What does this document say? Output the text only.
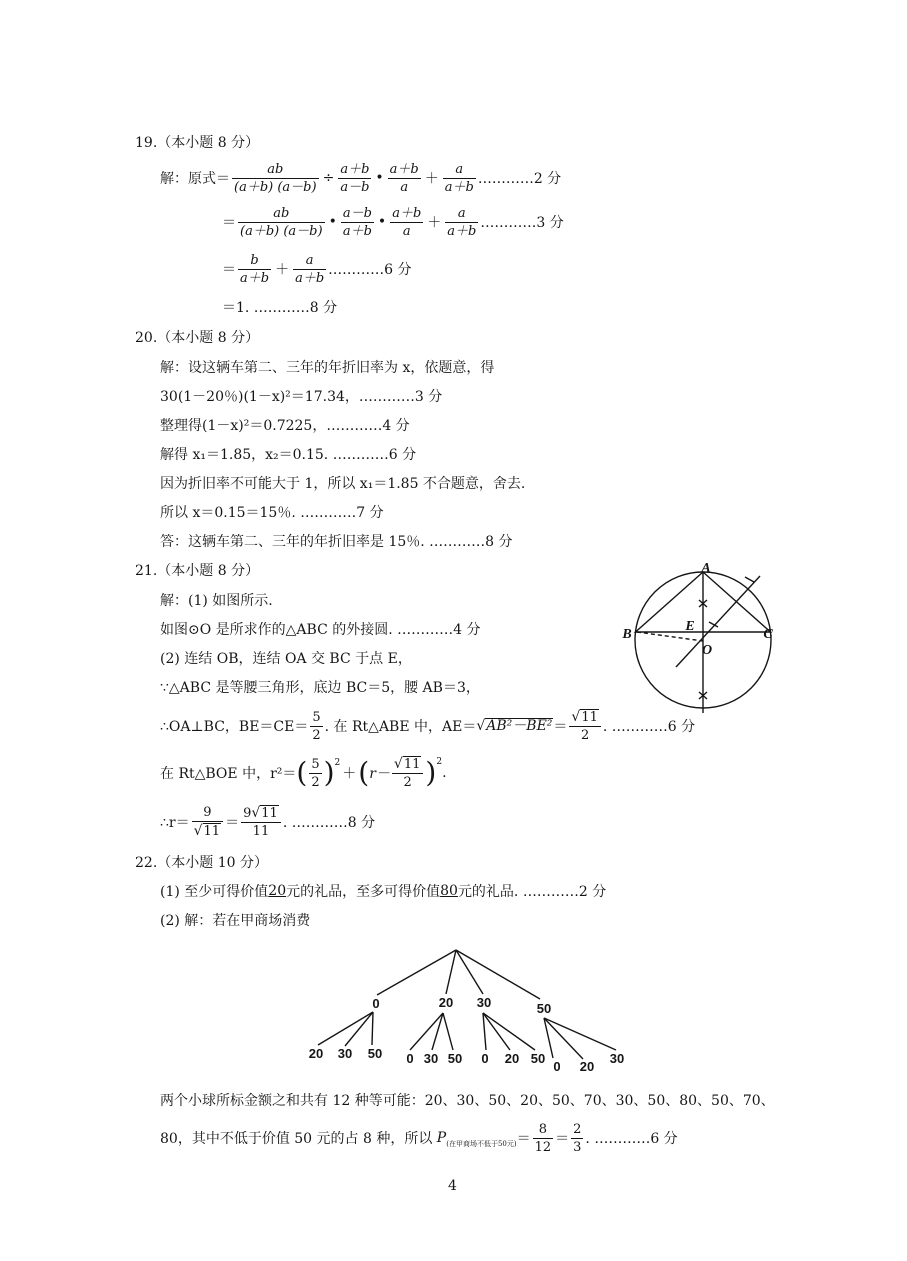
19.（本小题 8 分）
解：原式＝ $\frac{ab}{(a+b) (a-b)} \div \frac{a+b}{a-b}$ • $\frac{a+b}{a} + \frac{a}{a+b}$ …………2 分
＝ $\frac{ab}{(a+b) (a-b)}$ • $\frac{a-b}{a+b}$ • $\frac{a+b}{a} + \frac{a}{a+b}$ …………3 分
＝ $\frac{b}{a+b} + \frac{a}{a+b}$ …………6 分
＝1. …………8 分
20.（本小题 8 分）
解：设这辆车第二、三年的年折旧率为 x，依题意，得
30(1－20％)(1－x)²＝17.34，…………3 分
整理得(1－x)²＝0.7225，…………4 分
解得 x₁＝1.85，x₂＝0.15. …………6 分
因为折旧率不可能大于 1，所以 x₁＝1.85 不合题意，舍去.
所以 x＝0.15＝15％. …………7 分
答：这辆车第二、三年的年折旧率是 15％. …………8 分
21.（本小题 8 分）
解：(1) 如图所示.
如图⊙O 是所求作的△ABC 的外接圆. …………4 分
(2) 连结 OB，连结 OA 交 BC 于点 E，
∵△ABC 是等腰三角形，底边 BC＝5，腰 AB＝3，
∴OA⊥BC，$BE=CE= \frac{5}{2}$ . 在 Rt△ABE 中，AE＝ √ $AB^2-BE^2 = \frac{√ 11}{2}$ . …………6 分
在 Rt△BOE 中，r²＝ ( $\frac{5}{2}$ ) 2
＋ ( $r- \frac{√ 11}{2}$ ) 2
.
∴r＝ $\frac{9}{√ 11} = \frac{9 √ 11}{11}$ . …………8 分
A
B	C
E
O
22.（本小题 10 分）
(1) 至少可得价值 20 元的礼品，至多可得价值 80 元的礼品. …………2 分
(2) 解：若在甲商场消费
0	20 30	50
20 30 50 0 30 50 0 20 50
0 20
30
两个小球所标金额之和共有 12 种等可能：20、30、50、20、50、70、30、50、80、50、70、
80，其中不低于价值 50 元的占 8 种，所以 P (在甲商场不低于50元) ＝ $\frac{8}{12} = \frac{2}{3}$ . …………6 分
4
